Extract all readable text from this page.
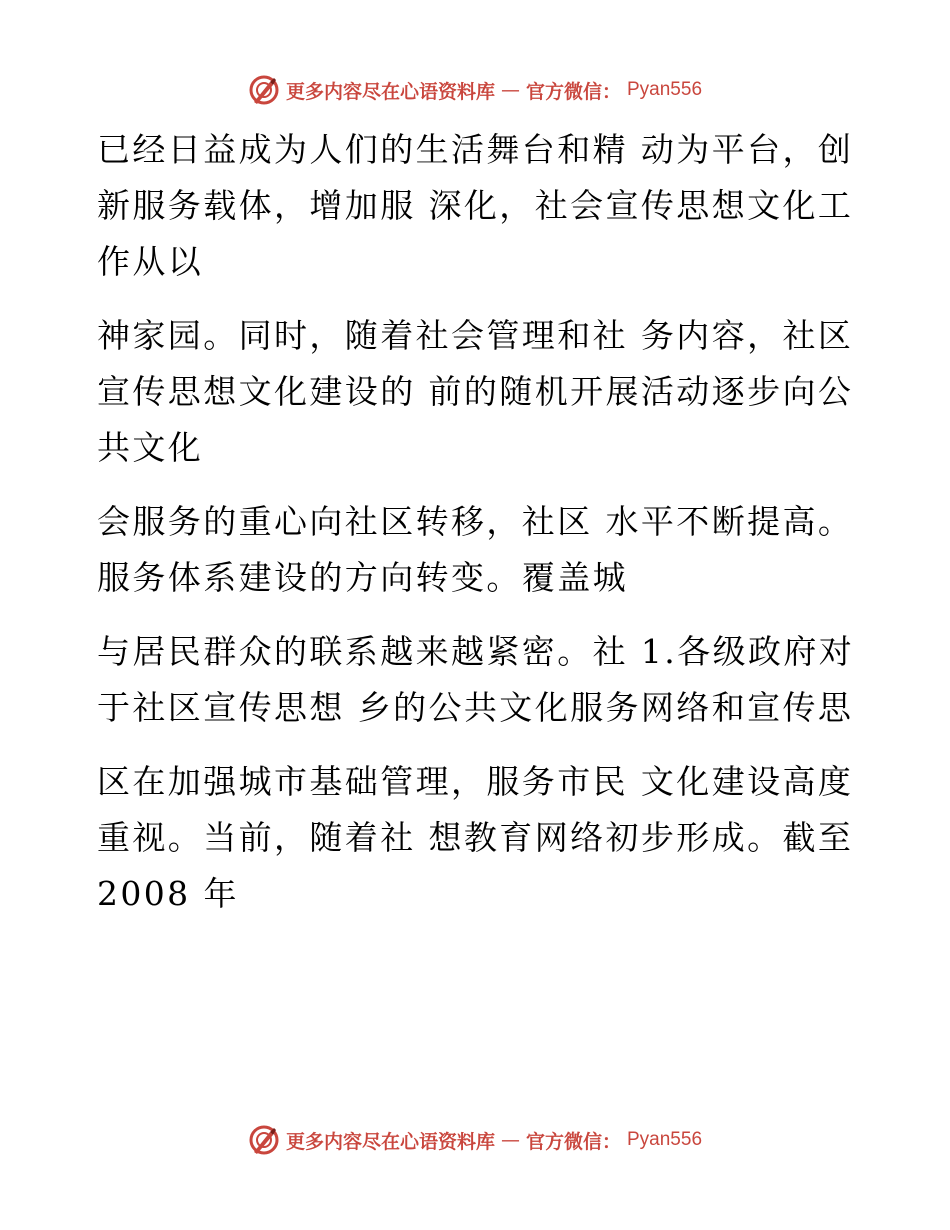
更多内容尽在心语资料库 — 官方微信： Pyan556
已经日益成为人们的生活舞台和精 动为平台，创
新服务载体，增加服 深化，社会宣传思想文化工
作从以
神家园。同时，随着社会管理和社 务内容，社区
宣传思想文化建设的 前的随机开展活动逐步向公
共文化
会服务的重心向社区转移，社区 水平不断提高。
服务体系建设的方向转变。覆盖城
与居民群众的联系越来越紧密。社 1.各级政府对
于社区宣传思想 乡的公共文化服务网络和宣传思
区在加强城市基础管理，服务市民 文化建设高度
重视。当前，随着社 想教育网络初步形成。截至
2008 年
更多内容尽在心语资料库 — 官方微信： Pyan556
